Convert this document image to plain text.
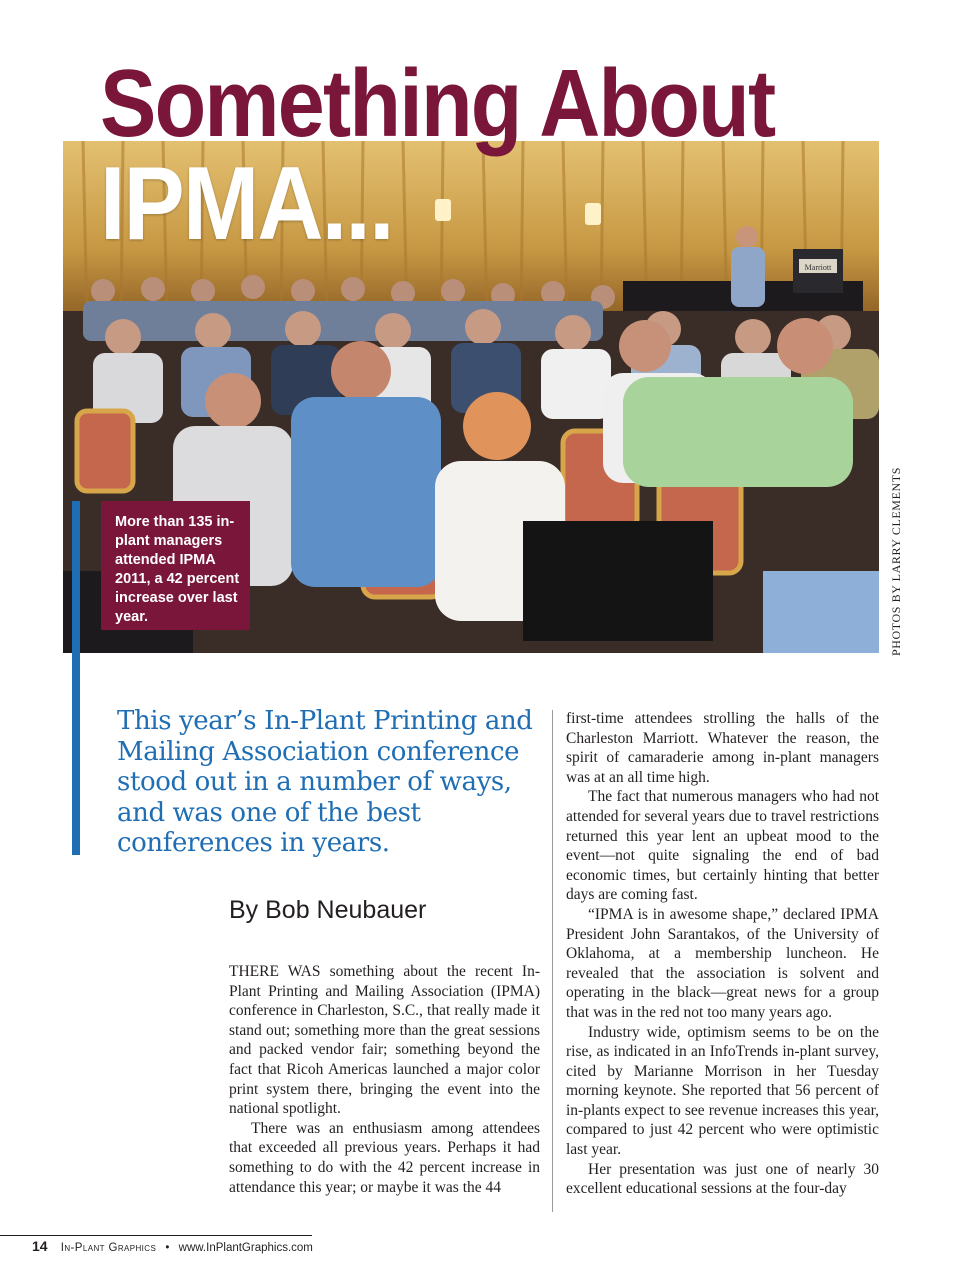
Marriott
Something About
IPMA...
More than 135 in-plant managers attended IPMA 2011, a 42 percent increase over last year.	PHOTOS BY LARRY CLEMENTS

This year’s In-Plant Printing and Mailing Association conference stood out in a number of ways, and was one of the best conferences in years.

By Bob Neubauer

THERE WAS something about the recent In-Plant Printing and Mailing Association (IPMA) conference in Charleston, S.C., that really made it stand out; something more than the great sessions and packed vendor fair; something beyond the fact that Ricoh Americas launched a major color print system there, bringing the event into the national spotlight.

There was an enthusiasm among attendees that exceeded all previous years. Perhaps it had something to do with the 42 percent increase in attendance this year; or maybe it was the 44

first-time attendees strolling the halls of the Charleston Marriott. Whatever the reason, the spirit of camaraderie among in-plant managers was at an all time high.

The fact that numerous managers who had not attended for several years due to travel restrictions returned this year lent an upbeat mood to the event—not quite signaling the end of bad economic times, but certainly hinting that better days are coming fast.

“IPMA is in awesome shape,” declared IPMA President John Sarantakos, of the University of Oklahoma, at a membership luncheon. He revealed that the association is solvent and operating in the black—great news for a group that was in the red not too many years ago.

Industry wide, optimism seems to be on the rise, as indicated in an InfoTrends in-plant survey, cited by Marianne Morrison in her Tuesday morning keynote. She reported that 56 percent of in-plants expect to see revenue increases this year, compared to just 42 percent who were optimistic last year.

Her presentation was just one of nearly 30 excellent educational sessions at the four-day

14 In-Plant Graphics • www.InPlantGraphics.com
